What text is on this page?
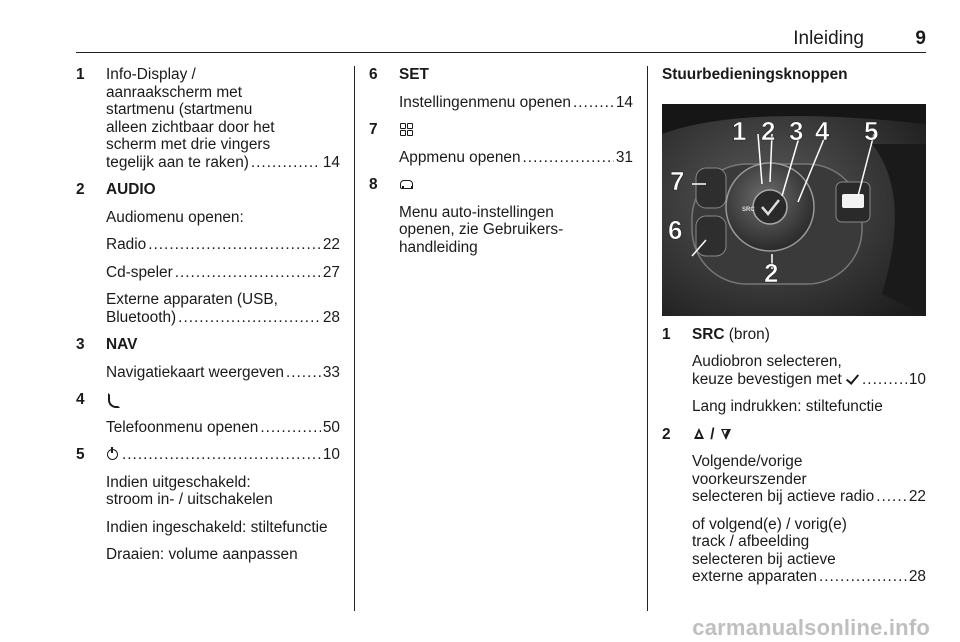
Inleiding	9
1 Info-Display /
aanraakscherm met
startmenu (startmenu
alleen zichtbaar door het
scherm met drie vingers
tegelijk aan te raken) .....	14
2 AUDIO
Audiomenu openen:
Radio .....	22
Cd-speler .....	27
Externe apparaten (USB,
Bluetooth) .....	28
3 NAV
Navigatiekaart weergeven .....	33
4
Telefoonmenu openen .....	50
5 .....	10
Indien uitgeschakeld:
stroom in- / uitschakelen
Indien ingeschakeld: stiltefunctie
Draaien: volume aanpassen
6 SET
Instellingenmenu openen .....	14
7
Appmenu openen .....	31
8
Menu auto-instellingen
openen, zie Gebruikers-
handleiding
Stuurbedieningsknoppen
SRC
1 2 3 4 5
6
7
2
1 SRC (bron)
Audiobron selecteren,
keuze bevestigen met .....	10
Lang indrukken: stiltefunctie
2	/
Volgende/vorige
voorkeurszender
selecteren bij actieve radio ..... 22
of volgend(e) / vorig(e)
track / afbeelding
selecteren bij actieve
externe apparaten .....	28
carmanualsonline.info
